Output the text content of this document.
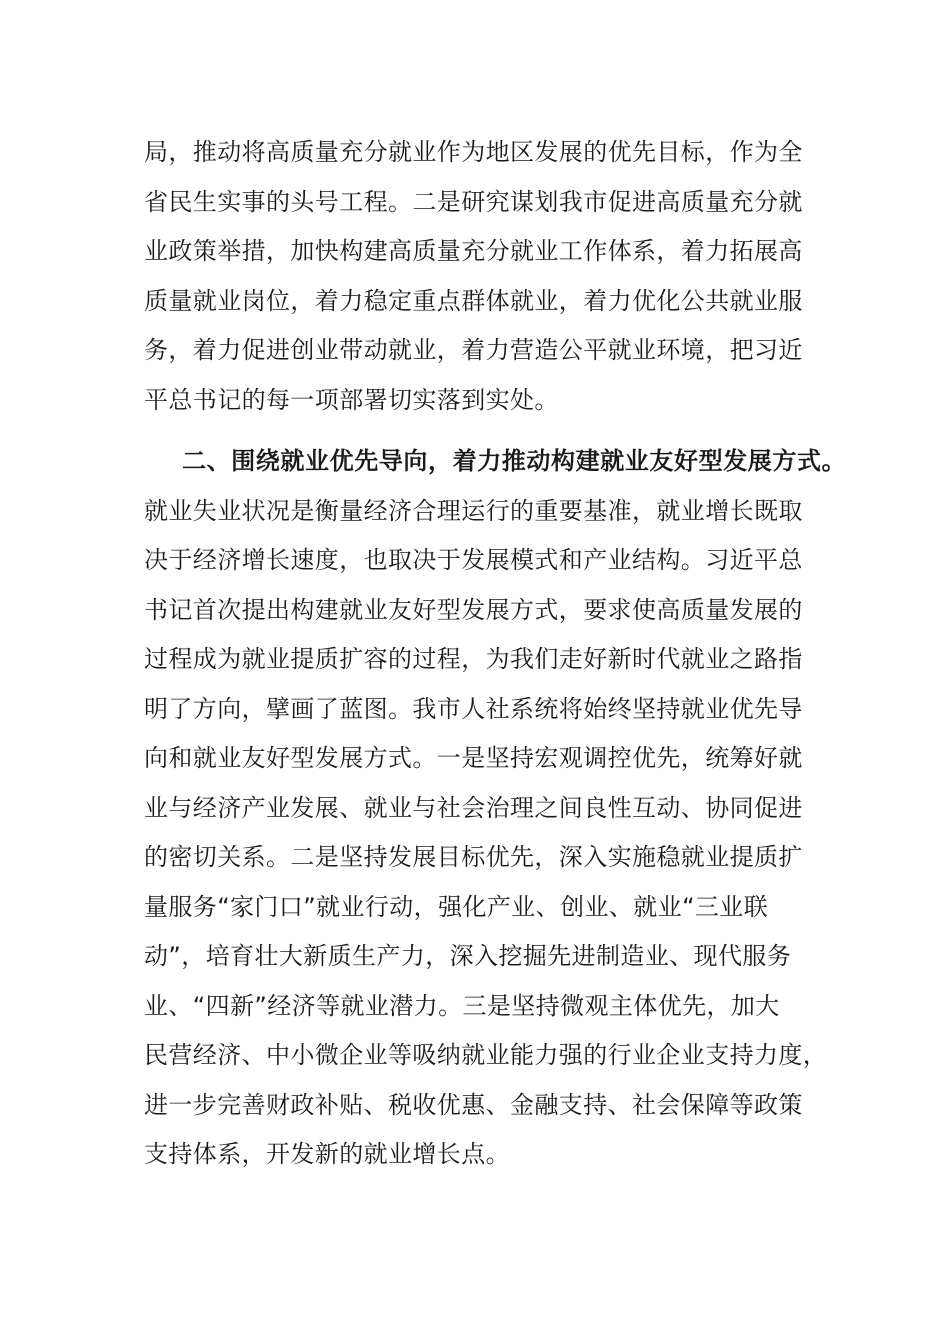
局，推动将高质量充分就业作为地区发展的优先目标，作为全
省民生实事的头号工程。二是研究谋划我市促进高质量充分就
业政策举措，加快构建高质量充分就业工作体系，着力拓展高
质量就业岗位，着力稳定重点群体就业，着力优化公共就业服
务，着力促进创业带动就业，着力营造公平就业环境，把习近
平总书记的每一项部署切实落到实处。
二、围绕就业优先导向，着力推动构建就业友好型发展方式。
就业失业状况是衡量经济合理运行的重要基准，就业增长既取
决于经济增长速度，也取决于发展模式和产业结构。习近平总
书记首次提出构建就业友好型发展方式，要求使高质量发展的
过程成为就业提质扩容的过程，为我们走好新时代就业之路指
明了方向，擘画了蓝图。我市人社系统将始终坚持就业优先导
向和就业友好型发展方式。一是坚持宏观调控优先，统筹好就
业与经济产业发展、就业与社会治理之间良性互动、协同促进
的密切关系。二是坚持发展目标优先，深入实施稳就业提质扩
量服务“家门口”就业行动，强化产业、创业、就业“三业联
动”，培育壮大新质生产力，深入挖掘先进制造业、现代服务
业、“四新”经济等就业潜力。三是坚持微观主体优先，加大
民营经济、中小微企业等吸纳就业能力强的行业企业支持力度，
进一步完善财政补贴、税收优惠、金融支持、社会保障等政策
支持体系，开发新的就业增长点。
